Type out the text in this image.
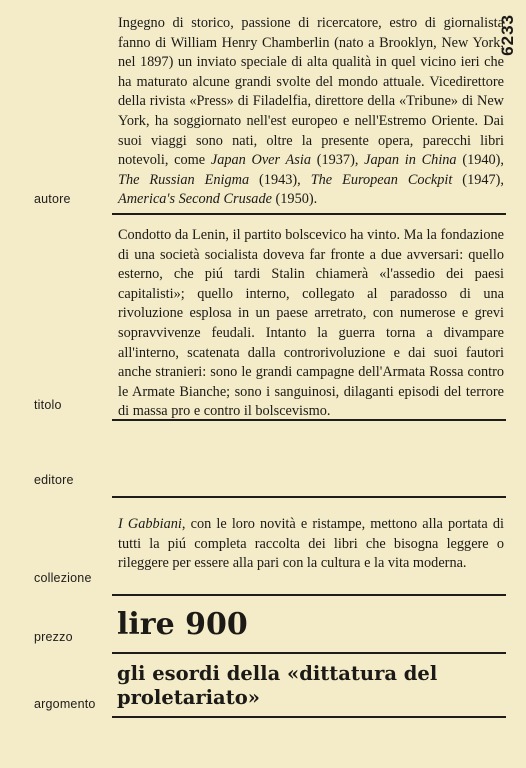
6233
Ingegno di storico, passione di ricercatore, estro di giornalista fanno di William Henry Chamberlin (nato a Brooklyn, New York, nel 1897) un inviato speciale di alta qualità in quel vicino ieri che ha maturato alcune grandi svolte del mondo attuale. Vicedirettore della rivista «Press» di Filadelfia, direttore della «Tribune» di New York, ha soggiornato nell'est europeo e nell'Estremo Oriente. Dai suoi viaggi sono nati, oltre la presente opera, parecchi libri notevoli, come Japan Over Asia (1937), Japan in China (1940), The Russian Enigma (1943), The European Cockpit (1947), America's Second Crusade (1950).
autore
Condotto da Lenin, il partito bolscevico ha vinto. Ma la fondazione di una società socialista doveva far fronte a due avversari: quello esterno, che piú tardi Stalin chiamerà «l'assedio dei paesi capitalisti»; quello interno, collegato al paradosso di una rivoluzione esplosa in un paese arretrato, con numerose e grevi sopravvivenze feudali. Intanto la guerra torna a divampare all'interno, scatenata dalla controrivoluzione e dai suoi fautori anche stranieri: sono le grandi campagne dell'Armata Rossa contro le Armate Bianche; sono i sanguinosi, dilaganti episodi del terrore di massa pro e contro il bolscevismo.
titolo
editore
I Gabbiani, con le loro novità e ristampe, mettono alla portata di tutti la piú completa raccolta dei libri che bisogna leggere o rileggere per essere alla pari con la cultura e la vita moderna.
collezione
lire 900
prezzo
gli esordi della «dittatura del proletariato»
argomento
